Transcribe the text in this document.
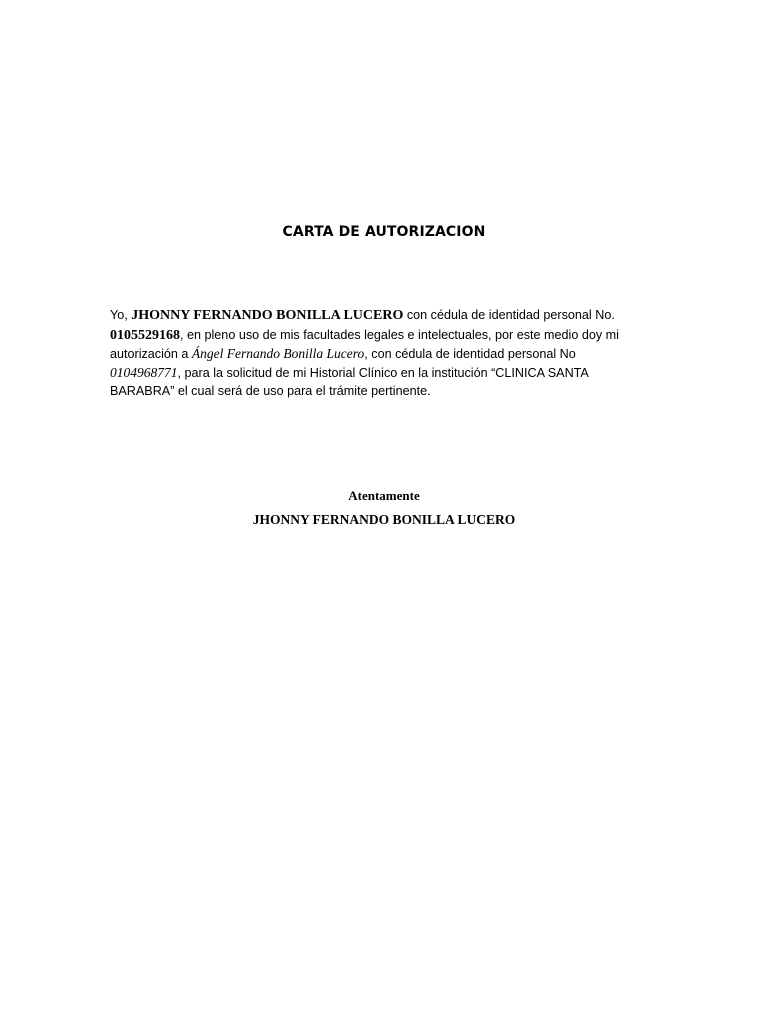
CARTA DE AUTORIZACION
Yo, JHONNY FERNANDO BONILLA LUCERO con cédula de identidad personal No.
0105529168, en pleno uso de mis facultades legales e intelectuales, por este medio doy mi
autorización a Ángel Fernando Bonilla Lucero, con cédula de identidad personal No
0104968771, para la solicitud de mi Historial Clínico en la institución “CLINICA SANTA
BARABRA” el cual será de uso para el trámite pertinente.
Atentamente
JHONNY FERNANDO BONILLA LUCERO
